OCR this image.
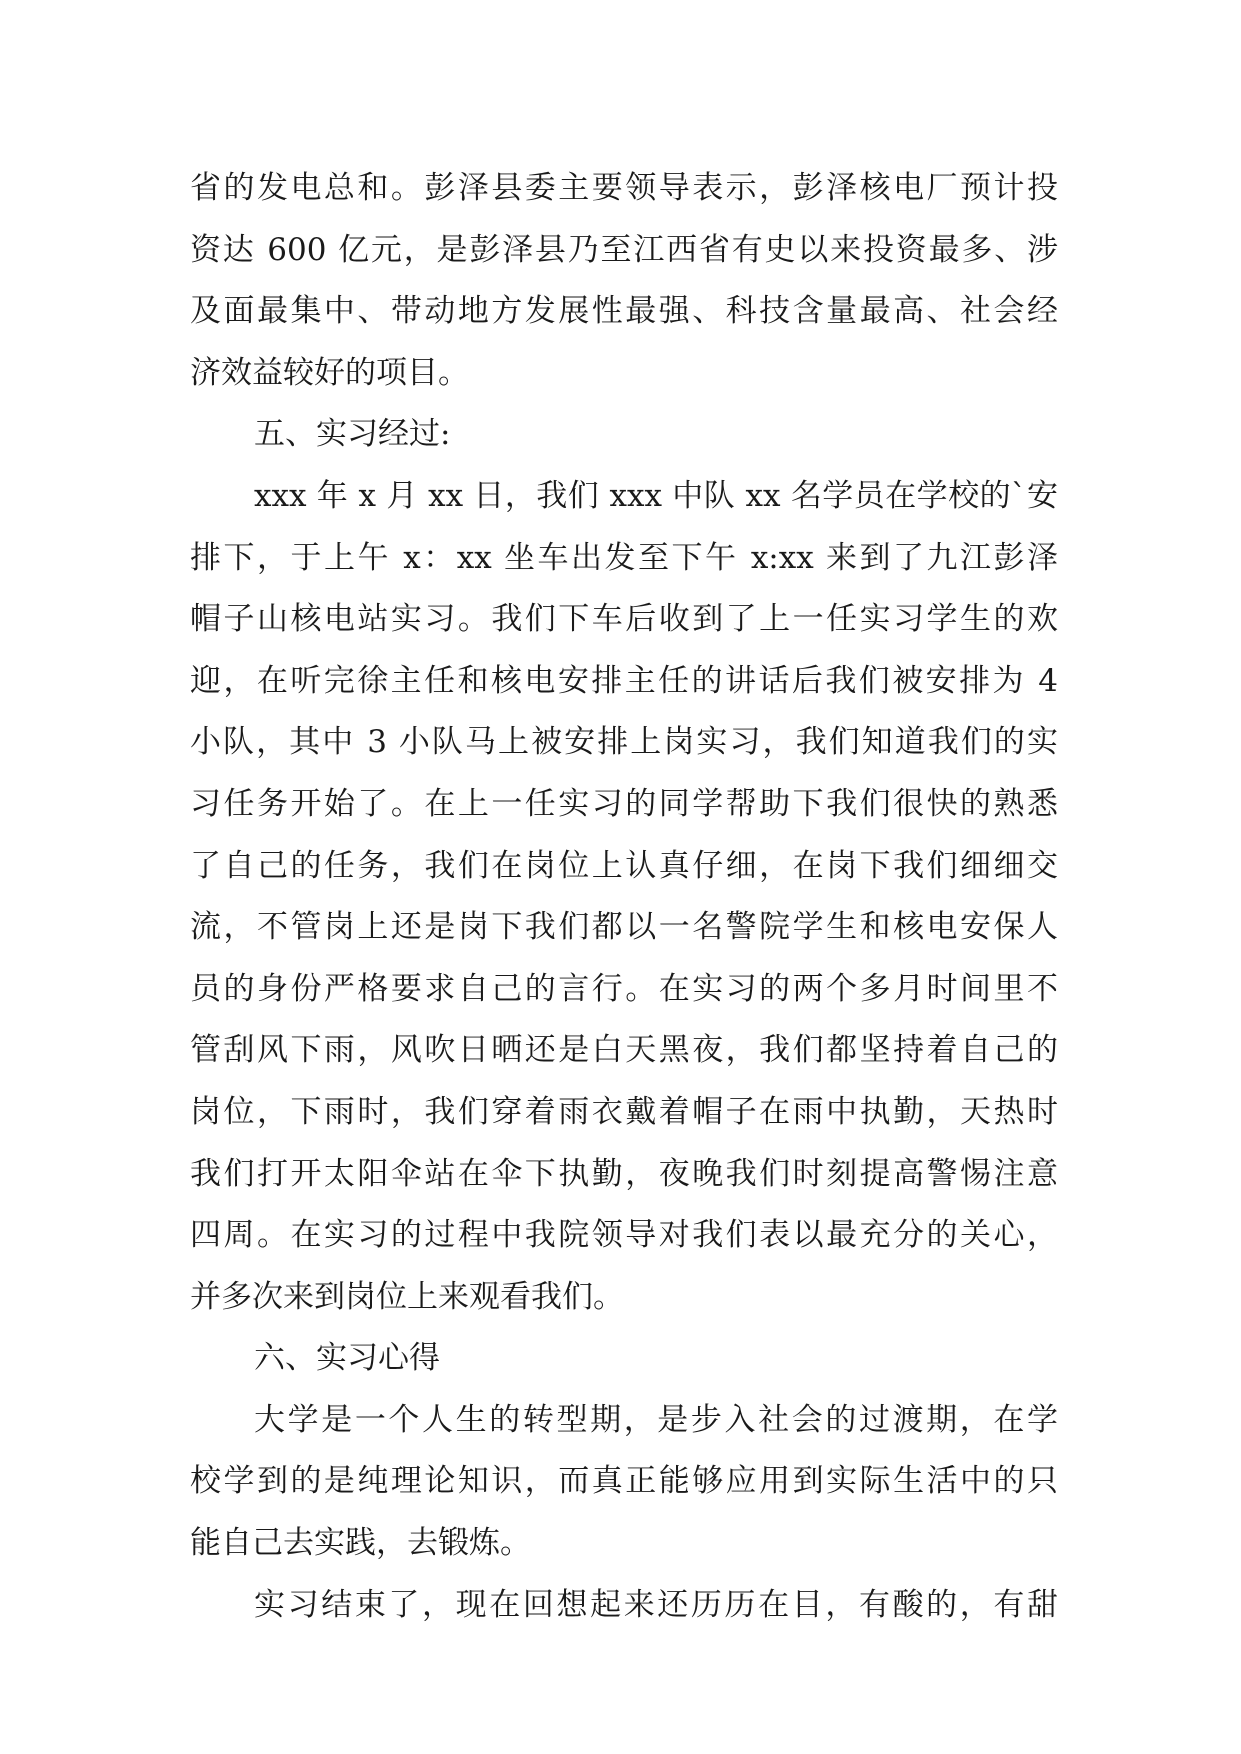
省的发电总和。彭泽县委主要领导表示，彭泽核电厂预计投
资达 600 亿元，是彭泽县乃至江西省有史以来投资最多、涉
及面最集中、带动地方发展性最强、科技含量最高、社会经
济效益较好的项目。
五、实习经过:
xxx 年 x 月 xx 日，我们 xxx 中队 xx 名学员在学校的`安
排下，于上午 x：xx 坐车出发至下午 x:xx 来到了九江彭泽
帽子山核电站实习。我们下车后收到了上一任实习学生的欢
迎，在听完徐主任和核电安排主任的讲话后我们被安排为 4
小队，其中 3 小队马上被安排上岗实习，我们知道我们的实
习任务开始了。在上一任实习的同学帮助下我们很快的熟悉
了自己的任务，我们在岗位上认真仔细，在岗下我们细细交
流，不管岗上还是岗下我们都以一名警院学生和核电安保人
员的身份严格要求自己的言行。在实习的两个多月时间里不
管刮风下雨，风吹日晒还是白天黑夜，我们都坚持着自己的
岗位，下雨时，我们穿着雨衣戴着帽子在雨中执勤，天热时
我们打开太阳伞站在伞下执勤，夜晚我们时刻提高警惕注意
四周。在实习的过程中我院领导对我们表以最充分的关心，
并多次来到岗位上来观看我们。
六、实习心得
大学是一个人生的转型期，是步入社会的过渡期，在学
校学到的是纯理论知识，而真正能够应用到实际生活中的只
能自己去实践，去锻炼。
实习结束了，现在回想起来还历历在目，有酸的，有甜
